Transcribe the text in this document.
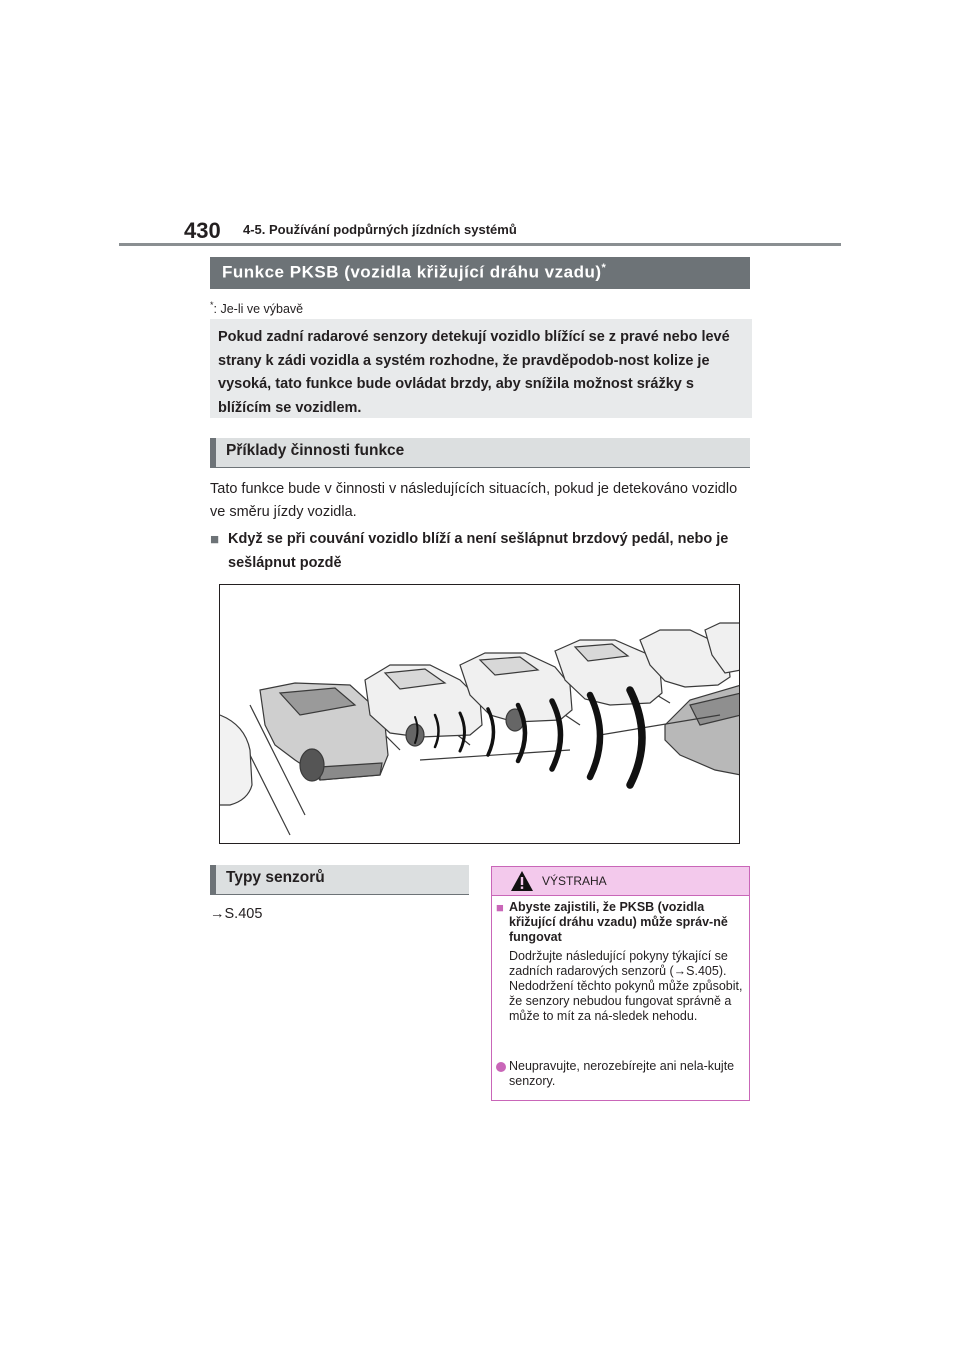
430 4-5. Používání podpůrných jízdních systémů
Funkce PKSB (vozidla křižující dráhu vzadu)*
*: Je-li ve výbavě

Pokud zadní radarové senzory detekují vozidlo blížící se z pravé nebo levé strany k zádi vozidla a systém rozhodne, že pravděpodob-nost kolize je vysoká, tato funkce bude ovládat brzdy, aby snížila možnost srážky s blížícím se vozidlem.

Příklady činnosti funkce
Tato funkce bude v činnosti v následujících situacích, pokud je detekováno vozidlo ve směru jízdy vozidla.
■ Když se při couvání vozidlo blíží a není sešlápnut brzdový pedál, nebo je sešlápnut pozdě
Typy senzorů
→S.405
VÝSTRAHA
■ Abyste zajistili, že PKSB (vozidla křižující dráhu vzadu) může správ-ně fungovat
Dodržujte následující pokyny týkající se zadních radarových senzorů (→S.405). Nedodržení těchto pokynů může způsobit, že senzory nebudou fungovat správně a může to mít za ná-sledek nehodu.
Neupravujte, nerozebírejte ani nela-kujte senzory.
